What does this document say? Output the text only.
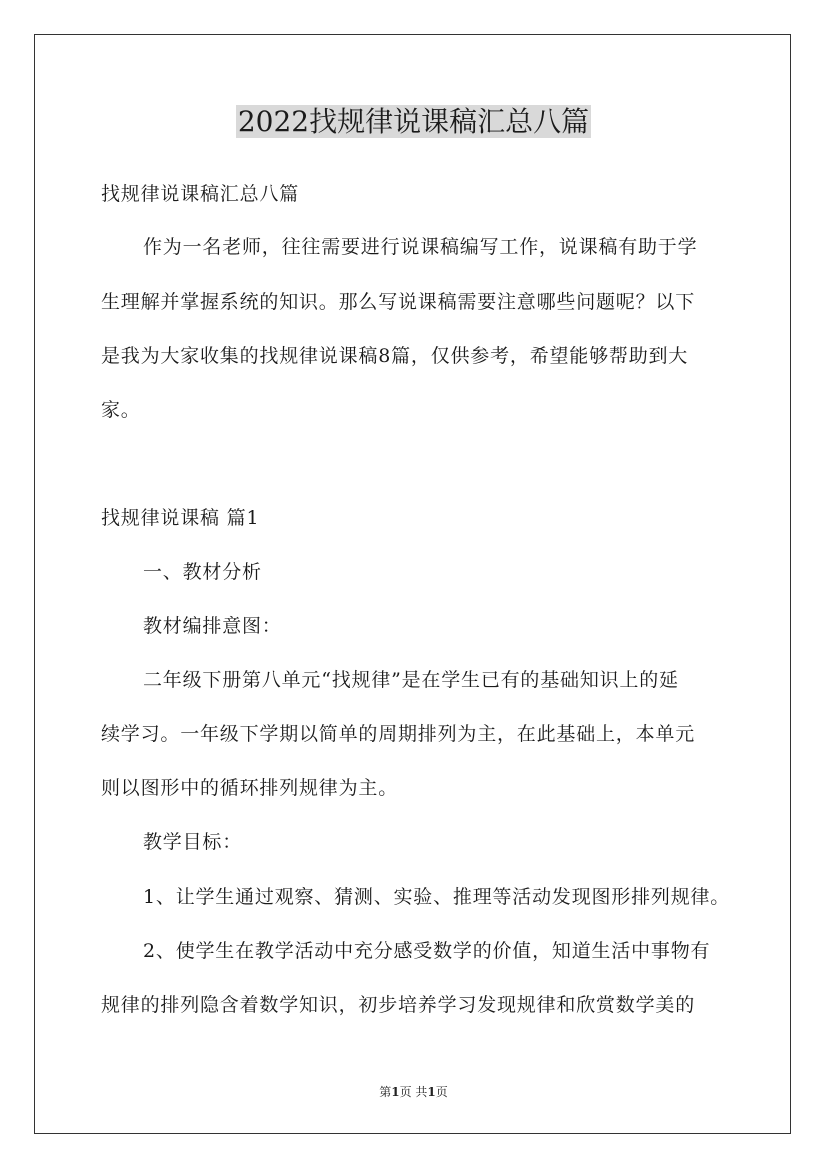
2022找规律说课稿汇总八篇
找规律说课稿汇总八篇
作为一名老师，往往需要进行说课稿编写工作，说课稿有助于学
生理解并掌握系统的知识。那么写说课稿需要注意哪些问题呢？以下
是我为大家收集的找规律说课稿8篇，仅供参考，希望能够帮助到大
家。
找规律说课稿 篇1
一、教材分析
教材编排意图：
二年级下册第八单元“找规律”是在学生已有的基础知识上的延
续学习。一年级下学期以简单的周期排列为主，在此基础上，本单元
则以图形中的循环排列规律为主。
教学目标：
1、让学生通过观察、猜测、实验、推理等活动发现图形排列规律。
2、使学生在教学活动中充分感受数学的价值，知道生活中事物有
规律的排列隐含着数学知识，初步培养学习发现规律和欣赏数学美的
第1页 共1页
